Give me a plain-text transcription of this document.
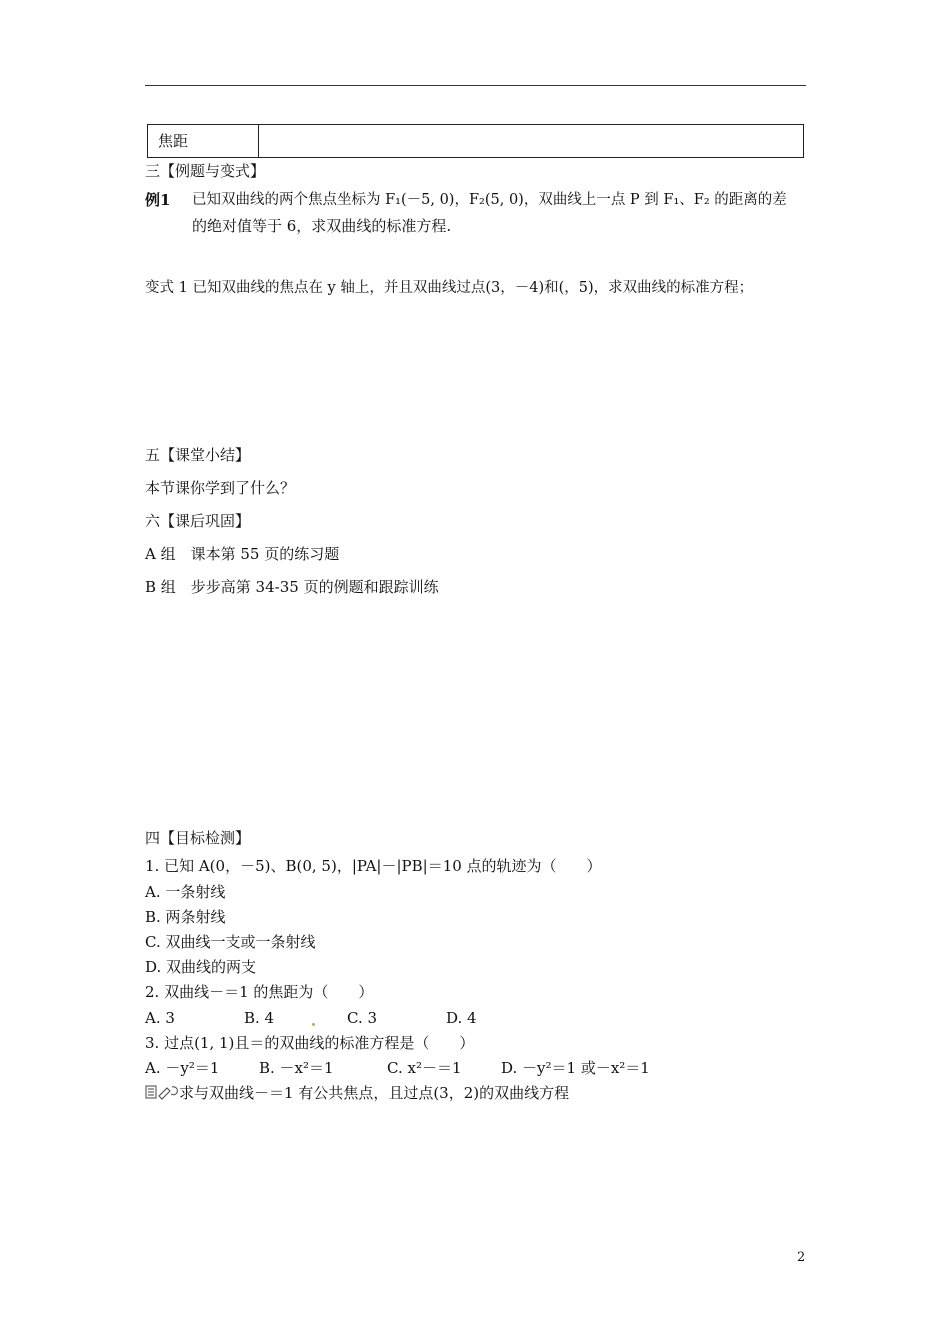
焦距
三【例题与变式】
例1 已知双曲线的两个焦点坐标为 F₁(－5, 0)，F₂(5, 0)，双曲线上一点 P 到 F₁、F₂ 的距离的差
的绝对值等于 6，求双曲线的标准方程.
变式 1 已知双曲线的焦点在 y 轴上，并且双曲线过点(3，－4)和(，5)，求双曲线的标准方程；
五【课堂小结】
本节课你学到了什么？
六【课后巩固】
A 组　课本第 55 页的练习题
B 组　步步高第 34-35 页的例题和跟踪训练
四【目标检测】
1. 已知 A(0，－5)、B(0, 5)，|PA|－|PB|＝10 点的轨迹为（　　）
A. 一条射线
B. 两条射线
C. 双曲线一支或一条射线
D. 双曲线的两支
2. 双曲线－＝1 的焦距为（　　）
A. 3	B. 4	C. 3	D. 4
3. 过点(1, 1)且＝的双曲线的标准方程是（　　）
A. －y²＝1	B. －x²＝1	C. x²－＝1	D. －y²＝1 或－x²＝1
求与双曲线－＝1 有公共焦点，且过点(3，2)的双曲线方程
2
